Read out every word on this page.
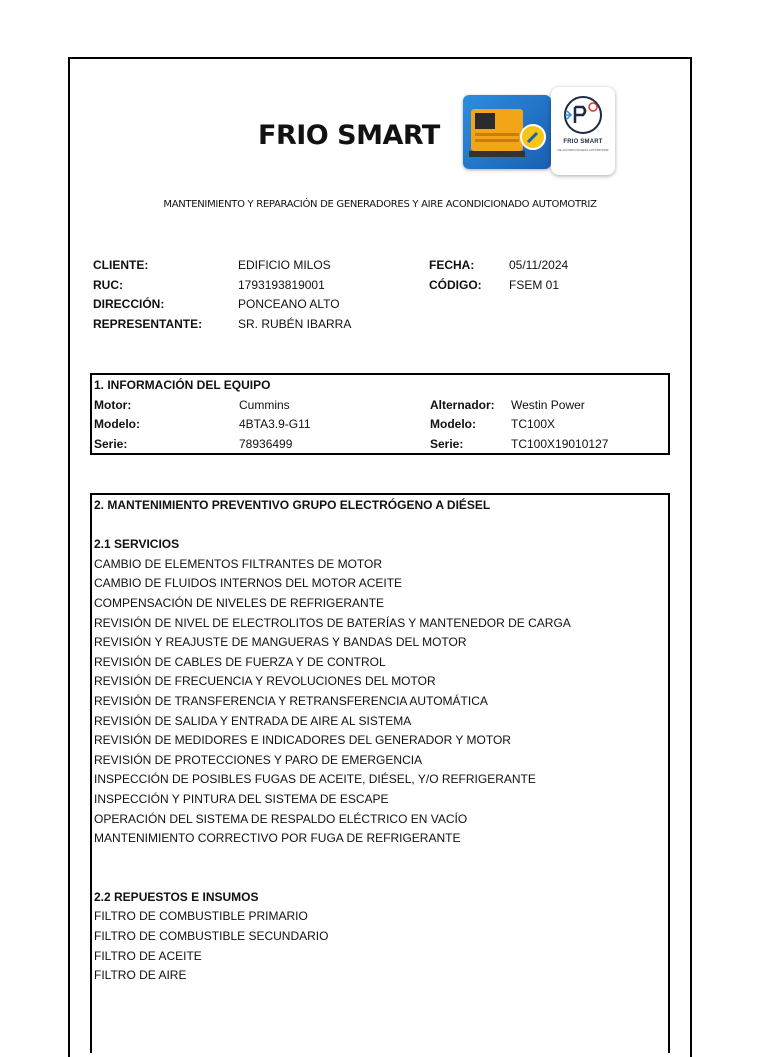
FRIO SMART	FRIO SMART
DE ACONDICIONADO AUTOMOTRIZ
MANTENIMIENTO Y REPARACIÓN DE GENERADORES Y AIRE ACONDICIONADO AUTOMOTRIZ
CLIENTE:	EDIFICIO MILOS	FECHA:	05/11/2024
RUC:	1793193819001	CÓDIGO: FSEM 01
DIRECCIÓN:	PONCEANO ALTO
REPRESENTANTE:	SR. RUBÉN IBARRA
1. INFORMACIÓN DEL EQUIPO
Motor:	Cummins	Alternador: Westin Power
Modelo:	4BTA3.9-G11	Modelo:	TC100X
Serie:	78936499	Serie:	TC100X19010127
2. MANTENIMIENTO PREVENTIVO GRUPO ELECTRÓGENO A DIÉSEL
2.1 SERVICIOS
CAMBIO DE ELEMENTOS FILTRANTES DE MOTOR
CAMBIO DE FLUIDOS INTERNOS DEL MOTOR ACEITE
COMPENSACIÓN DE NIVELES DE REFRIGERANTE
REVISIÓN DE NIVEL DE ELECTROLITOS DE BATERÍAS Y MANTENEDOR DE CARGA
REVISIÓN Y REAJUSTE DE MANGUERAS Y BANDAS DEL MOTOR
REVISIÓN DE CABLES DE FUERZA Y DE CONTROL
REVISIÓN DE FRECUENCIA Y REVOLUCIONES DEL MOTOR
REVISIÓN DE TRANSFERENCIA Y RETRANSFERENCIA AUTOMÁTICA
REVISIÓN DE SALIDA Y ENTRADA DE AIRE AL SISTEMA
REVISIÓN DE MEDIDORES E INDICADORES DEL GENERADOR Y MOTOR
REVISIÓN DE PROTECCIONES Y PARO DE EMERGENCIA
INSPECCIÓN DE POSIBLES FUGAS DE ACEITE, DIÉSEL, Y/O REFRIGERANTE
INSPECCIÓN Y PINTURA DEL SISTEMA DE ESCAPE
OPERACIÓN DEL SISTEMA DE RESPALDO ELÉCTRICO EN VACÍO
MANTENIMIENTO CORRECTIVO POR FUGA DE REFRIGERANTE
2.2 REPUESTOS E INSUMOS
FILTRO DE COMBUSTIBLE PRIMARIO
FILTRO DE COMBUSTIBLE SECUNDARIO
FILTRO DE ACEITE
FILTRO DE AIRE
